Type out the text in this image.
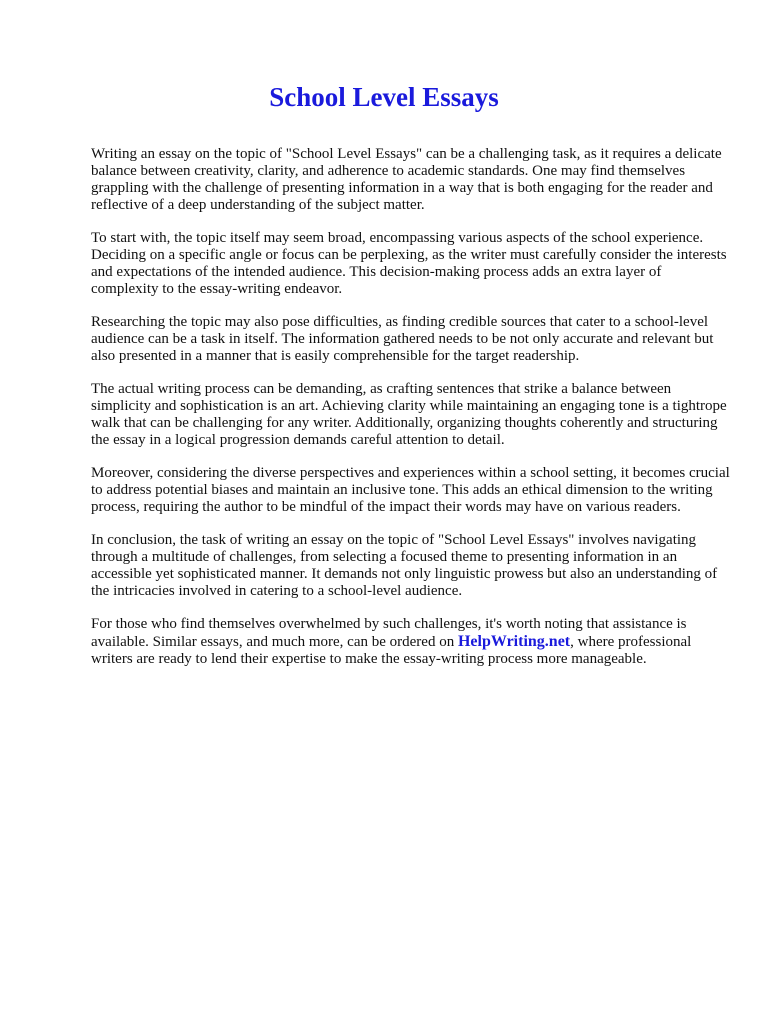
School Level Essays

Writing an essay on the topic of "School Level Essays" can be a challenging task, as it requires a delicate balance between creativity, clarity, and adherence to academic standards. One may find themselves grappling with the challenge of presenting information in a way that is both engaging for the reader and reflective of a deep understanding of the subject matter.

To start with, the topic itself may seem broad, encompassing various aspects of the school experience. Deciding on a specific angle or focus can be perplexing, as the writer must carefully consider the interests and expectations of the intended audience. This decision-making process adds an extra layer of complexity to the essay-writing endeavor.

Researching the topic may also pose difficulties, as finding credible sources that cater to a school-level audience can be a task in itself. The information gathered needs to be not only accurate and relevant but also presented in a manner that is easily comprehensible for the target readership.

The actual writing process can be demanding, as crafting sentences that strike a balance between simplicity and sophistication is an art. Achieving clarity while maintaining an engaging tone is a tightrope walk that can be challenging for any writer. Additionally, organizing thoughts coherently and structuring the essay in a logical progression demands careful attention to detail.

Moreover, considering the diverse perspectives and experiences within a school setting, it becomes crucial to address potential biases and maintain an inclusive tone. This adds an ethical dimension to the writing process, requiring the author to be mindful of the impact their words may have on various readers.

In conclusion, the task of writing an essay on the topic of "School Level Essays" involves navigating through a multitude of challenges, from selecting a focused theme to presenting information in an accessible yet sophisticated manner. It demands not only linguistic prowess but also an understanding of the intricacies involved in catering to a school-level audience.

For those who find themselves overwhelmed by such challenges, it's worth noting that assistance is available. Similar essays, and much more, can be ordered on HelpWriting.net, where professional writers are ready to lend their expertise to make the essay-writing process more manageable.
